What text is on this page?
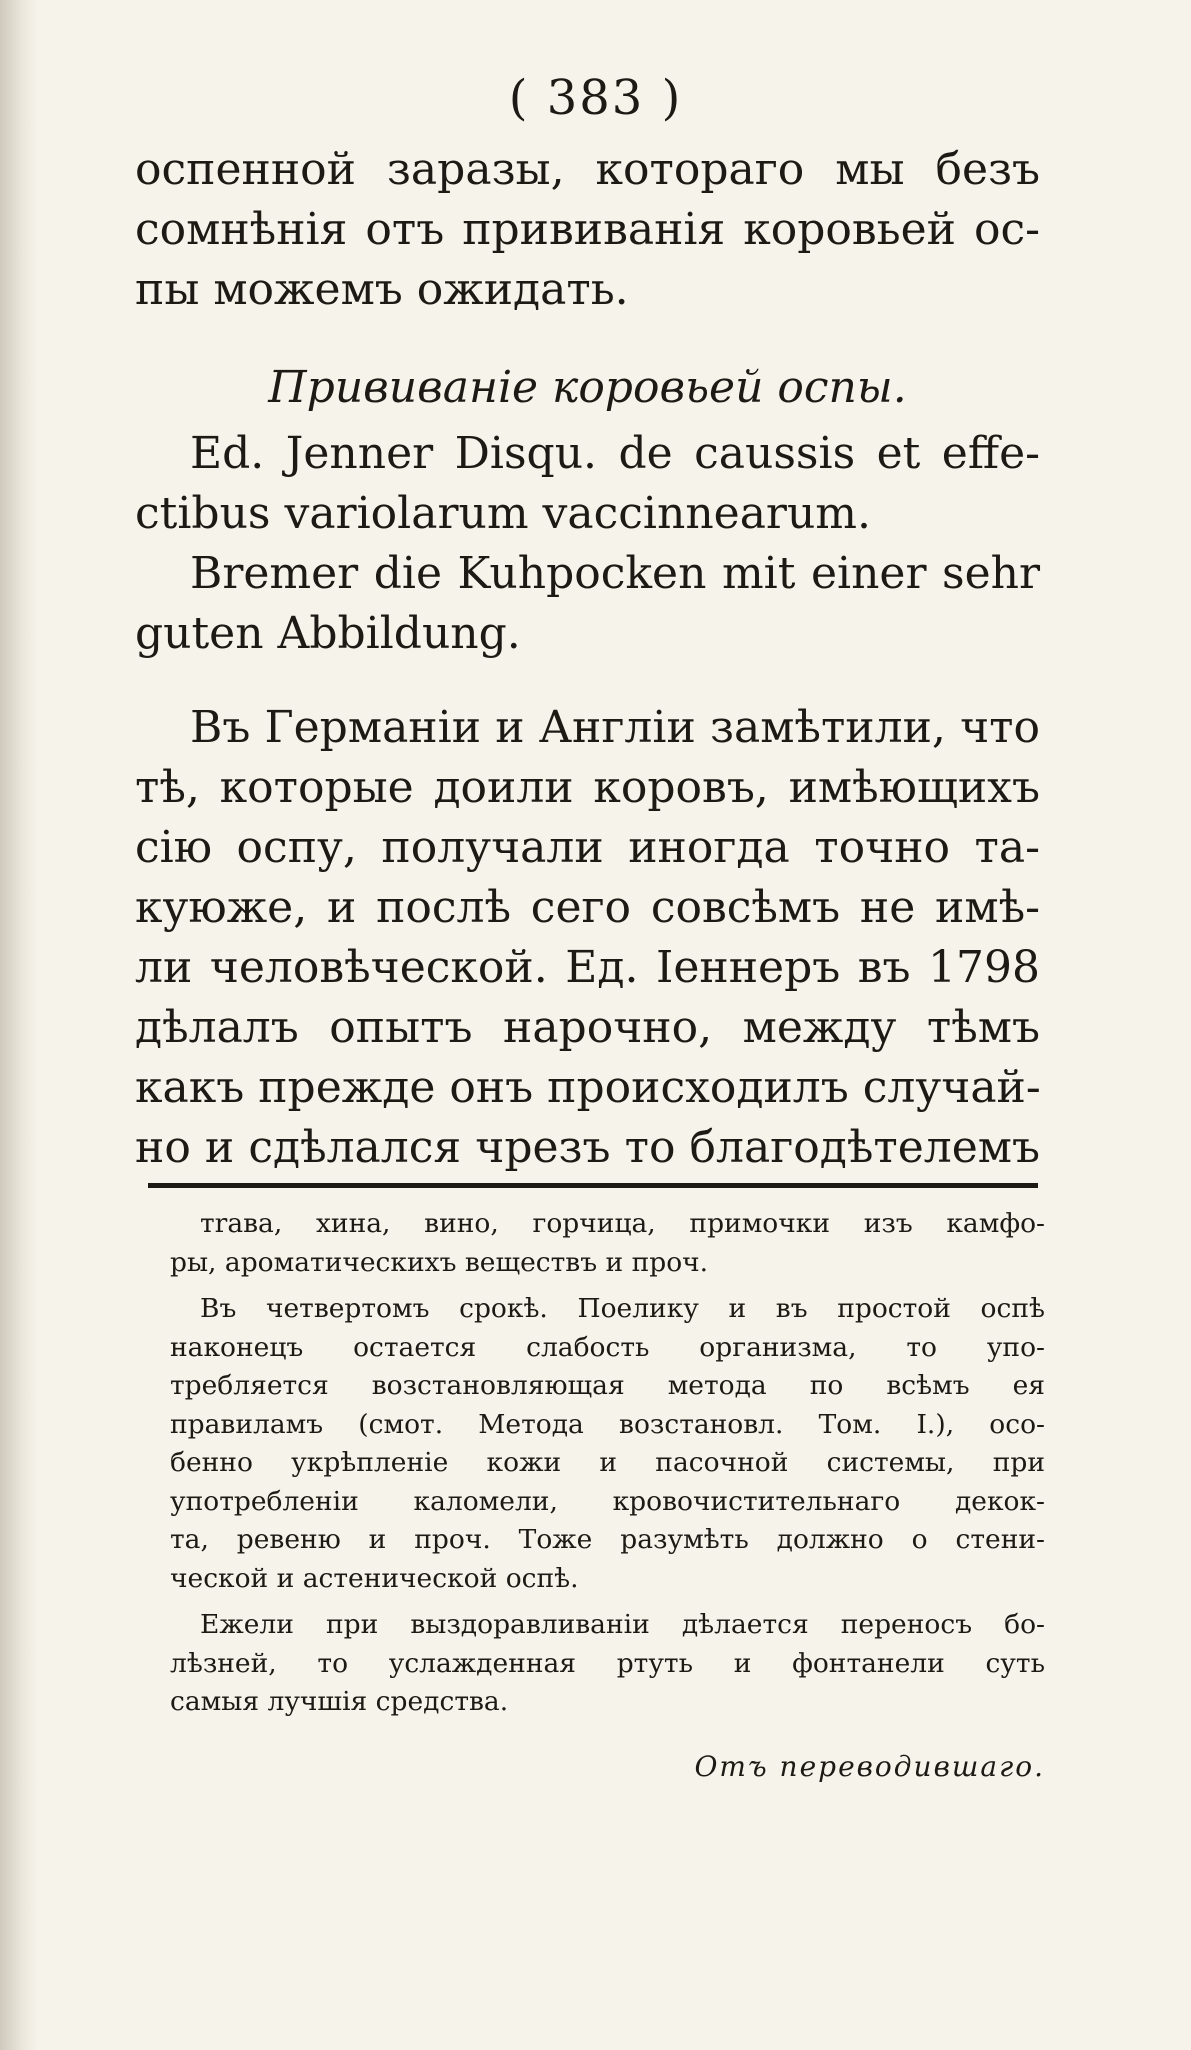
( 383 )

оспенной заразы, котораго мы безъ
сомнѣнія отъ прививанія коровьей ос-
пы можемъ ожидать.

Прививаніе коровьей оспы.

Ed. Jenner Disqu. de caussis et effe-
ctibus variolarum vaccinnearum.

Bremer die Kuhpocken mit einer sehr
guten Abbildung.

Въ Германіи и Англіи замѣтили, что
тѣ, которые доили коровъ, имѣющихъ
сію оспу, получали иногда точно та-
куюже, и послѣ сего совсѣмъ не имѣ-
ли человѣческой. Ед. Іеннеръ въ 1798
дѣлалъ опытъ нарочно, между тѣмъ
какъ прежде онъ происходилъ случай-
но и сдѣлался чрезъ то благодѣтелемъ

тrава, хина, вино, горчица, примочки изъ камфо-
ры, ароматическихъ веществъ и проч.

Въ четвертомъ срокѣ. Поелику и въ простой оспѣ
наконецъ остается слабость организма, то упо-
требляется возстановляющая метода по всѣмъ ея
правиламъ (смот. Метода возстановл. Том. I.), осо-
бенно укрѣпленіе кожи и пасочной системы, при
употребленіи каломели, кровочистительнаго декок-
та, ревеню и проч. Тоже разумѣть должно о стени-
ческой и астенической оспѣ.

Ежели при выздоравливаніи дѣлается переносъ бо-
лѣзней, то услажденная ртуть и фонтанели суть
самыя лучшія средства.

Отъ переводившаго.
